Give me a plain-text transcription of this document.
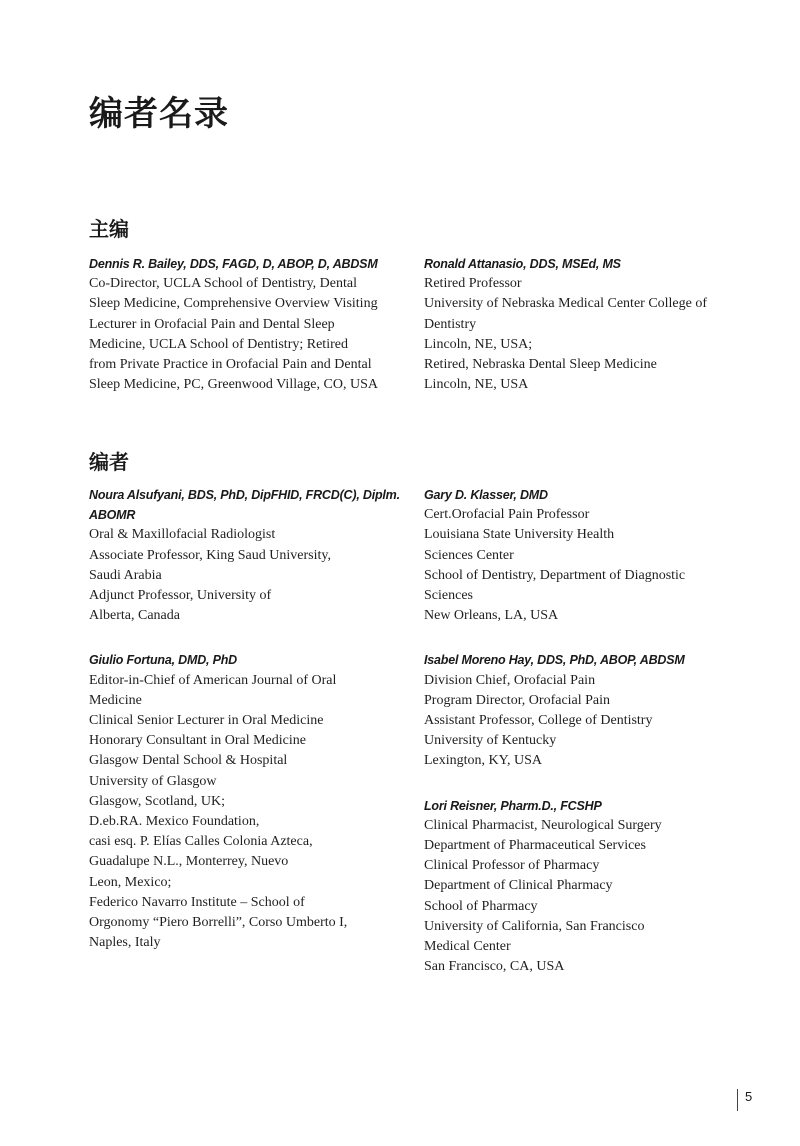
编者名录
主编
Dennis R. Bailey, DDS, FAGD, D, ABOP, D, ABDSM
Co-Director, UCLA School of Dentistry, Dental
Sleep Medicine, Comprehensive Overview Visiting
Lecturer in Orofacial Pain and Dental Sleep
Medicine, UCLA School of Dentistry; Retired
from Private Practice in Orofacial Pain and Dental
Sleep Medicine, PC, Greenwood Village, CO, USA
Ronald Attanasio, DDS, MSEd, MS
Retired Professor
University of Nebraska Medical Center College of
Dentistry
Lincoln, NE, USA;
Retired, Nebraska Dental Sleep Medicine
Lincoln, NE, USA
编者
Noura Alsufyani, BDS, PhD, DipFHID, FRCD(C), Diplm. ABOMR
Oral & Maxillofacial Radiologist
Associate Professor, King Saud University,
Saudi Arabia
Adjunct Professor, University of
Alberta, Canada
Giulio Fortuna, DMD, PhD
Editor-in-Chief of American Journal of Oral
Medicine
Clinical Senior Lecturer in Oral Medicine
Honorary Consultant in Oral Medicine
Glasgow Dental School & Hospital
University of Glasgow
Glasgow, Scotland, UK;
D.eb.RA. Mexico Foundation,
casi esq. P. Elías Calles Colonia Azteca,
Guadalupe N.L., Monterrey, Nuevo
Leon, Mexico;
Federico Navarro Institute – School of
Orgonomy “Piero Borrelli”, Corso Umberto I,
Naples, Italy
Gary D. Klasser, DMD
Cert.Orofacial Pain Professor
Louisiana State University Health
Sciences Center
School of Dentistry, Department of Diagnostic
Sciences
New Orleans, LA, USA
Isabel Moreno Hay, DDS, PhD, ABOP, ABDSM
Division Chief, Orofacial Pain
Program Director, Orofacial Pain
Assistant Professor, College of Dentistry
University of Kentucky
Lexington, KY, USA
Lori Reisner, Pharm.D., FCSHP
Clinical Pharmacist, Neurological Surgery
Department of Pharmaceutical Services
Clinical Professor of Pharmacy
Department of Clinical Pharmacy
School of Pharmacy
University of California, San Francisco
Medical Center
San Francisco, CA, USA
5
